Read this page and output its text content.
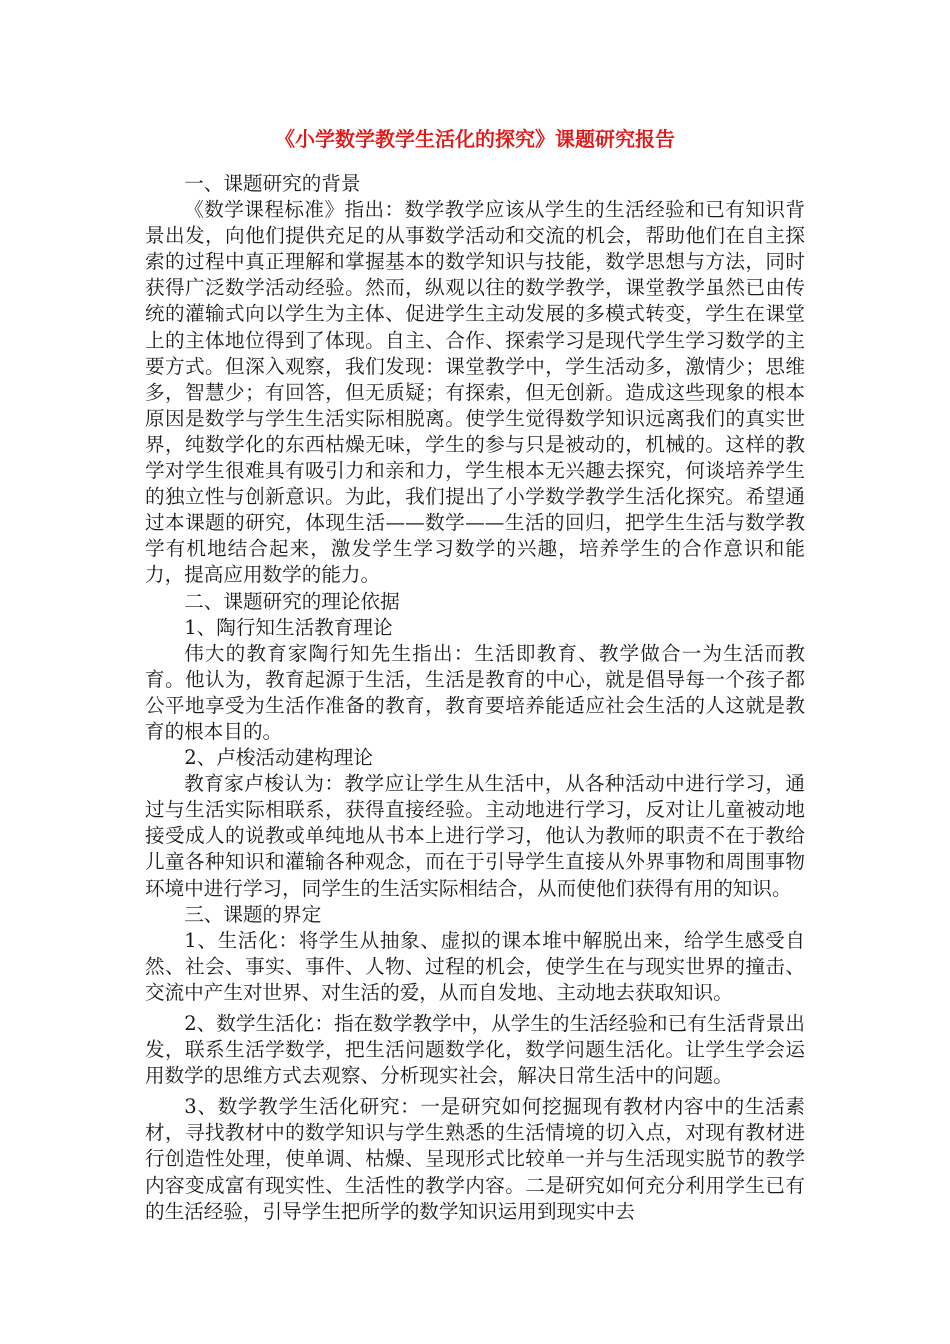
《小学数学教学生活化的探究》课题研究报告

一、课题研究的背景

《数学课程标准》指出：数学教学应该从学生的生活经验和已有知识背景出发，向他们提供充足的从事数学活动和交流的机会，帮助他们在自主探索的过程中真正理解和掌握基本的数学知识与技能，数学思想与方法，同时获得广泛数学活动经验。然而，纵观以往的数学教学，课堂教学虽然已由传统的灌输式向以学生为主体、促进学生主动发展的多模式转变，学生在课堂上的主体地位得到了体现。自主、合作、探索学习是现代学生学习数学的主要方式。但深入观察，我们发现：课堂教学中，学生活动多，激情少；思维多，智慧少；有回答，但无质疑；有探索，但无创新。造成这些现象的根本原因是数学与学生生活实际相脱离。使学生觉得数学知识远离我们的真实世界，纯数学化的东西枯燥无味，学生的参与只是被动的，机械的。这样的教学对学生很难具有吸引力和亲和力，学生根本无兴趣去探究，何谈培养学生的独立性与创新意识。为此，我们提出了小学数学教学生活化探究。希望通过本课题的研究，体现生活——数学——生活的回归，把学生生活与数学教学有机地结合起来，激发学生学习数学的兴趣，培养学生的合作意识和能力，提高应用数学的能力。

二、课题研究的理论依据

1、陶行知生活教育理论

伟大的教育家陶行知先生指出：生活即教育、教学做合一为生活而教育。他认为，教育起源于生活，生活是教育的中心，就是倡导每一个孩子都公平地享受为生活作准备的教育，教育要培养能适应社会生活的人这就是教育的根本目的。

2、卢梭活动建构理论

教育家卢梭认为：教学应让学生从生活中，从各种活动中进行学习，通过与生活实际相联系，获得直接经验。主动地进行学习，反对让儿童被动地接受成人的说教或单纯地从书本上进行学习，他认为教师的职责不在于教给儿童各种知识和灌输各种观念，而在于引导学生直接从外界事物和周围事物环境中进行学习，同学生的生活实际相结合，从而使他们获得有用的知识。

三、课题的界定

1、生活化：将学生从抽象、虚拟的课本堆中解脱出来，给学生感受自然、社会、事实、事件、人物、过程的机会，使学生在与现实世界的撞击、交流中产生对世界、对生活的爱，从而自发地、主动地去获取知识。

2、数学生活化：指在数学教学中，从学生的生活经验和已有生活背景出发，联系生活学数学，把生活问题数学化，数学问题生活化。让学生学会运用数学的思维方式去观察、分析现实社会，解决日常生活中的问题。

3、数学教学生活化研究：一是研究如何挖掘现有教材内容中的生活素材，寻找教材中的数学知识与学生熟悉的生活情境的切入点，对现有教材进行创造性处理，使单调、枯燥、呈现形式比较单一并与生活现实脱节的教学内容变成富有现实性、生活性的教学内容。二是研究如何充分利用学生已有的生活经验，引导学生把所学的数学知识运用到现实中去
